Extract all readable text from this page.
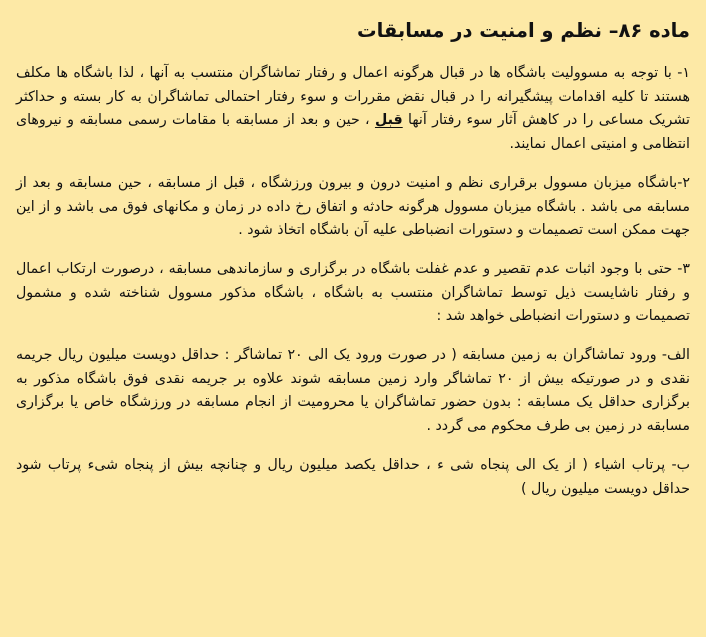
ماده ۸۶– نظم و امنیت در مسابقات

۱- با توجه به مسوولیت باشگاه ها در قبال هرگونه اعمال و رفتار تماشاگران منتسب به آنها ، لذا باشگاه ها مکلف هستند تا کلیه اقدامات پیشگیرانه را در قبال نقض مقررات و سوء رفتار احتمالی تماشاگران به کار بسته و حداکثر تشریک مساعی را در کاهش آثار سوء رفتار آنها قبل ، حین و بعد از مسابقه با مقامات رسمی مسابقه و نیروهای انتظامی و امنیتی اعمال نمایند.

۲-باشگاه میزبان مسوول برقراری نظم و امنیت درون و بیرون ورزشگاه ، قبل از مسابقه ، حین مسابقه و بعد از مسابقه می باشد . باشگاه میزبان مسوول هرگونه حادثه و اتفاق رخ داده در زمان و مکانهای فوق می باشد و از این جهت ممکن است تصمیمات و دستورات انضباطی علیه آن باشگاه اتخاذ شود .

۳- حتی با وجود اثبات عدم تقصیر و عدم غفلت باشگاه در برگزاری و سازماندهی مسابقه ، درصورت ارتکاب اعمال و رفتار ناشایست ذیل توسط تماشاگران منتسب به باشگاه ، باشگاه مذکور مسوول شناخته شده و مشمول تصمیمات و دستورات انضباطی خواهد شد :

الف- ورود تماشاگران به زمین مسابقه ( در صورت ورود یک الی ۲۰ تماشاگر : حداقل دویست میلیون ریال جریمه نقدی و در صورتیکه بیش از ۲۰ تماشاگر وارد زمین مسابقه شوند علاوه بر جریمه نقدی فوق باشگاه مذکور به برگزاری حداقل یک مسابقه : بدون حضور تماشاگران یا محرومیت از انجام مسابقه در ورزشگاه خاص یا برگزاری مسابقه در زمین بی طرف محکوم می گردد .

ب- پرتاب اشیاء ( از یک الی پنجاه شی ء ، حداقل یکصد میلیون ریال و چنانچه بیش از پنجاه شیء پرتاب شود حداقل دویست میلیون ریال )
